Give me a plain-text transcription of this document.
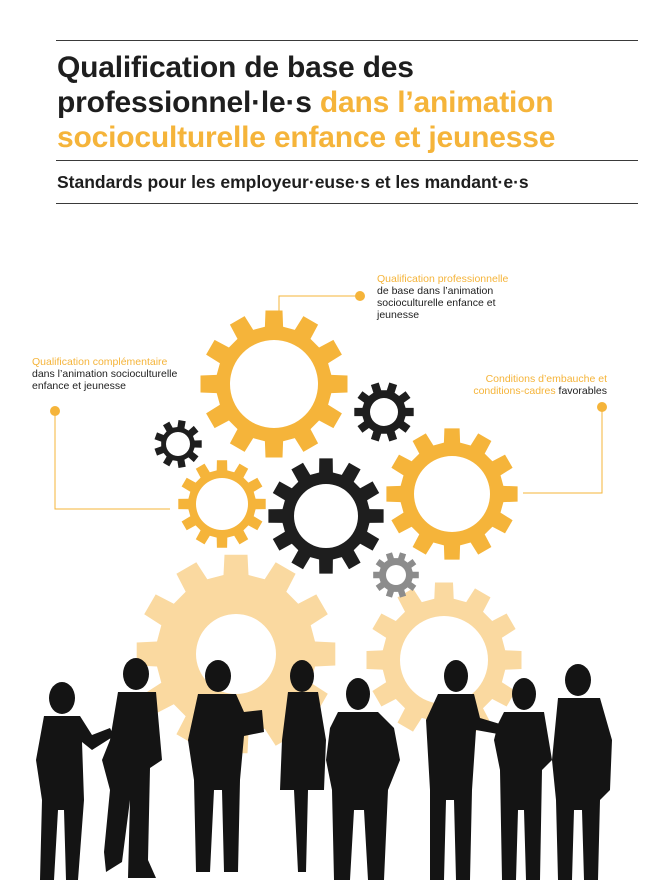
Qualification de base des
professionnel·le·s dans l’animation
socioculturelle enfance et jeunesse
Standards pour les employeur·euse·s et les mandant·e·s
Qualification professionnelle
de base dans l’animation
socioculturelle enfance et
jeunesse
Qualification complémentaire
dans l’animation socioculturelle
enfance et jeunesse
Conditions d’embauche et
conditions-cadres favorables
